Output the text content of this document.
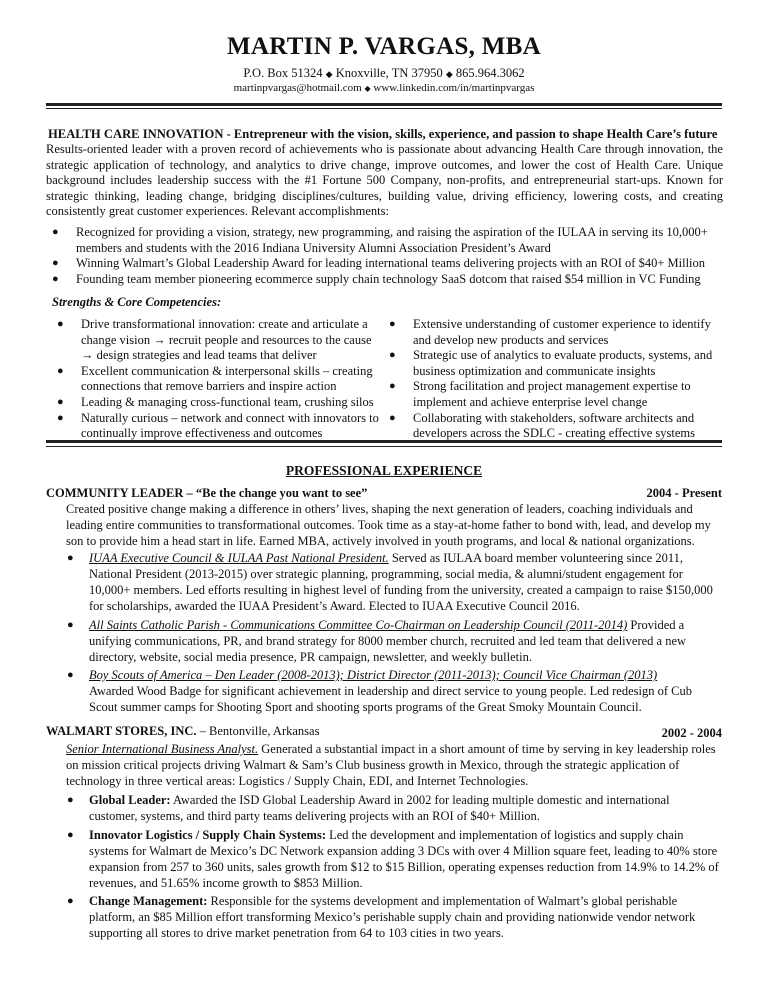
MARTIN P. VARGAS, MBA
P.O. Box 51324 ◆ Knoxville, TN 37950 ◆ 865.964.3062
martinpvargas@hotmail.com ◆ www.linkedin.com/in/martinpvargas
HEALTH CARE INNOVATION - Entrepreneur with the vision, skills, experience, and passion to shape Health Care’s future
Results-oriented leader with a proven record of achievements who is passionate about advancing Health Care through innovation, the strategic application of technology, and analytics to drive change, improve outcomes, and lower the cost of Health Care. Unique background includes leadership success with the #1 Fortune 500 Company, non-profits, and entrepreneurial start-ups. Known for strategic thinking, leading change, bridging disciplines/cultures, building value, driving efficiency, lowering costs, and creating consistently great customer experiences. Relevant accomplishments:
● Recognized for providing a vision, strategy, new programming, and raising the aspiration of the IULAA in serving its 10,000+ members and students with the 2016 Indiana University Alumni Association President’s Award
● Winning Walmart’s Global Leadership Award for leading international teams delivering projects with an ROI of $40+ Million
● Founding team member pioneering ecommerce supply chain technology SaaS dotcom that raised $54 million in VC Funding
Strengths & Core Competencies:
● Drive transformational innovation: create and articulate a change vision → recruit people and resources to the cause → design strategies and lead teams that deliver
● Excellent communication & interpersonal skills – creating connections that remove barriers and inspire action
● Leading & managing cross-functional team, crushing silos
● Naturally curious – network and connect with innovators to continually improve effectiveness and outcomes
● Extensive understanding of customer experience to identify and develop new products and services
● Strategic use of analytics to evaluate products, systems, and business optimization and communicate insights
● Strong facilitation and project management expertise to implement and achieve enterprise level change
● Collaborating with stakeholders, software architects and developers across the SDLC - creating effective systems
PROFESSIONAL EXPERIENCE
COMMUNITY LEADER – “Be the change you want to see”	2004 - Present
Created positive change making a difference in others’ lives, shaping the next generation of leaders, coaching individuals and leading entire communities to transformational outcomes. Took time as a stay-at-home father to bond with, lead, and develop my son to provide him a head start in life. Earned MBA, actively involved in youth programs, and local & national organizations.
● IUAA Executive Council & IULAA Past National President. Served as IULAA board member volunteering since 2011, National President (2013-2015) over strategic planning, programming, social media, & alumni/student engagement for 10,000+ members. Led efforts resulting in highest level of funding from the university, created a campaign to raise $150,000 for scholarships, awarded the IUAA President’s Award. Elected to IUAA Executive Council 2016.
● All Saints Catholic Parish - Communications Committee Co-Chairman on Leadership Council (2011-2014) Provided a unifying communications, PR, and brand strategy for 8000 member church, recruited and led team that delivered a new directory, website, social media presence, PR campaign, newsletter, and weekly bulletin.
● Boy Scouts of America – Den Leader (2008-2013); District Director (2011-2013); Council Vice Chairman (2013)
Awarded Wood Badge for significant achievement in leadership and direct service to young people. Led redesign of Cub Scout summer camps for Shooting Sport and shooting sports programs of the Great Smoky Mountain Council.
WALMART STORES, INC. – Bentonville, Arkansas	2002 - 2004
Senior International Business Analyst. Generated a substantial impact in a short amount of time by serving in key leadership roles on mission critical projects driving Walmart & Sam’s Club business growth in Mexico, through the strategic application of technology in three vertical areas: Logistics / Supply Chain, EDI, and Internet Technologies.
● Global Leader: Awarded the ISD Global Leadership Award in 2002 for leading multiple domestic and international customer, systems, and third party teams delivering projects with an ROI of $40+ Million.
● Innovator Logistics / Supply Chain Systems: Led the development and implementation of logistics and supply chain systems for Walmart de Mexico’s DC Network expansion adding 3 DCs with over 4 Million square feet, leading to 40% store expansion from 257 to 360 units, sales growth from $12 to $15 Billion, operating expenses reduction from 14.9% to 14.2% of revenues, and 51.65% income growth to $853 Million.
● Change Management: Responsible for the systems development and implementation of Walmart’s global perishable platform, an $85 Million effort transforming Mexico’s perishable supply chain and providing nationwide vendor network supporting all stores to drive market penetration from 64 to 103 cities in two years.
